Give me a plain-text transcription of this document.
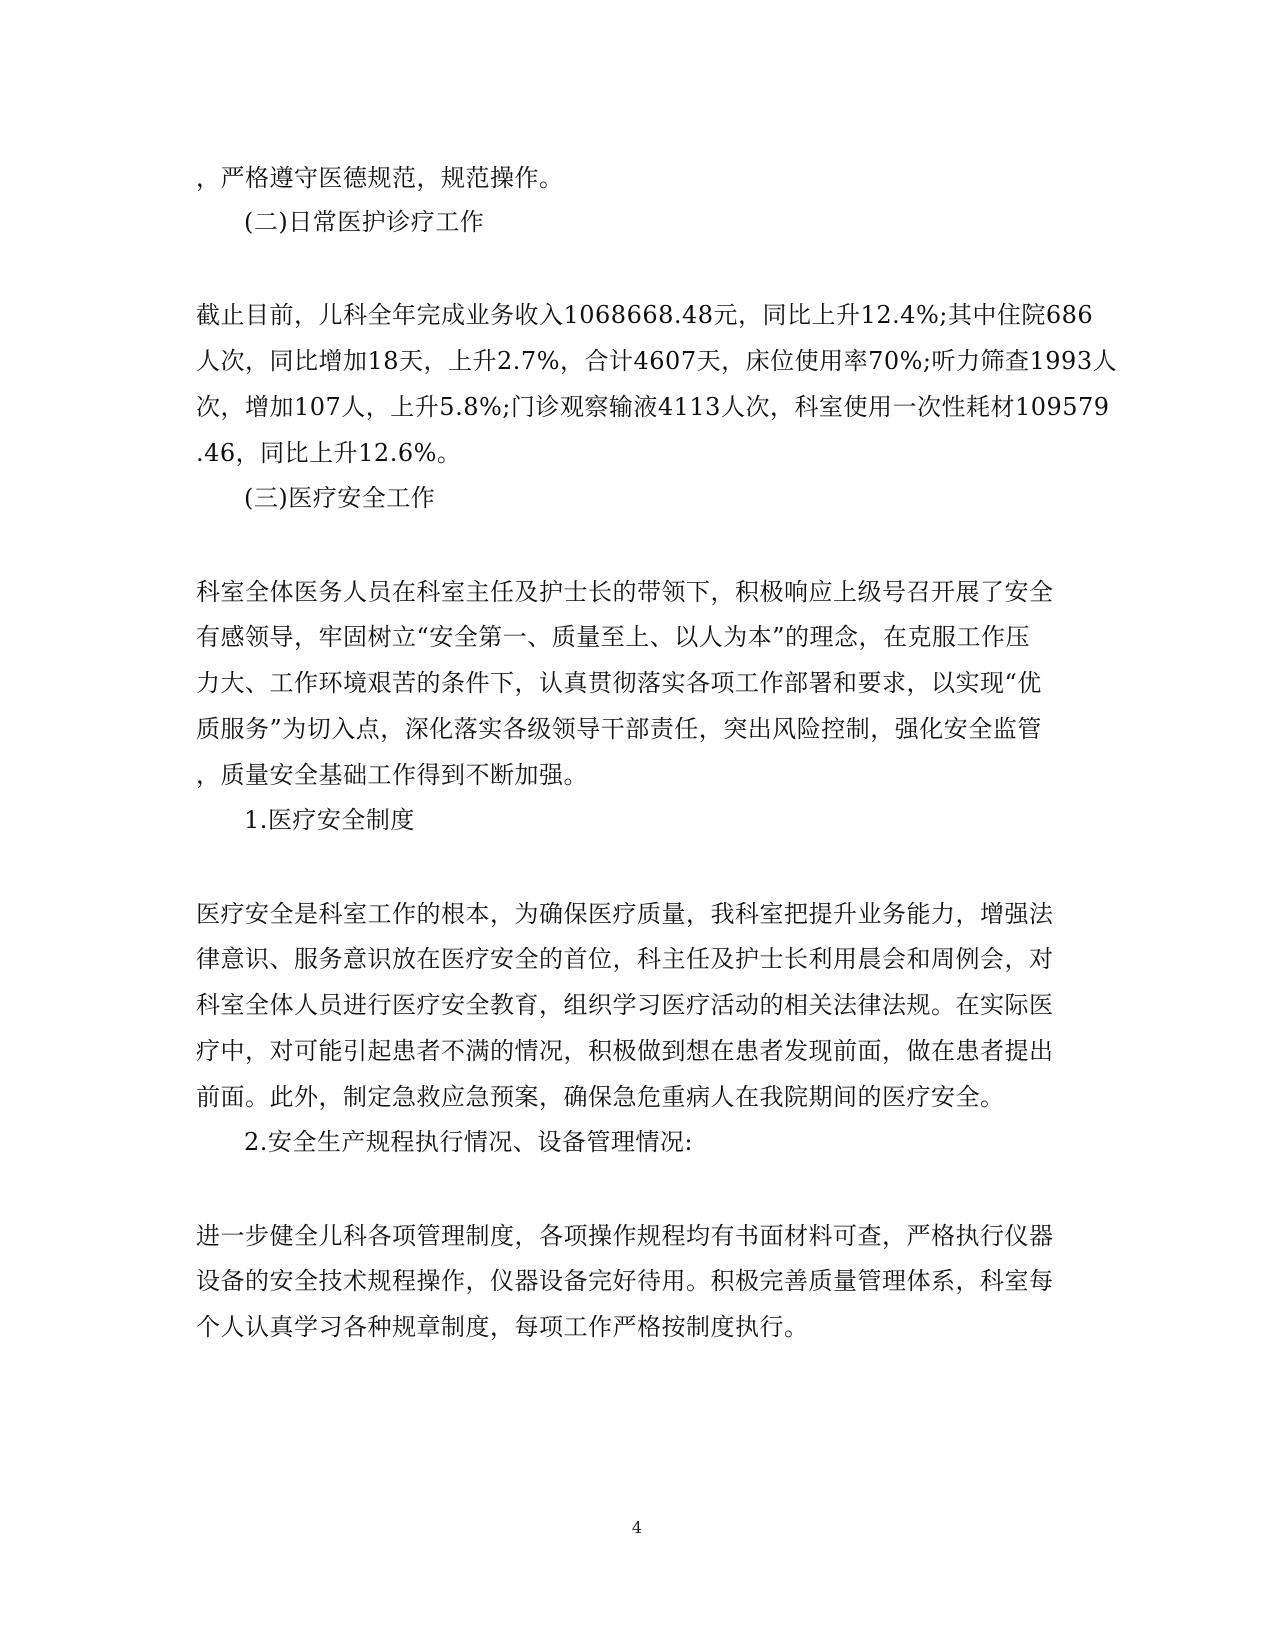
，严格遵守医德规范，规范操作。
(二)日常医护诊疗工作
截止目前，儿科全年完成业务收入1068668.48元，同比上升12.4%;其中住院686
人次，同比增加18天，上升2.7%，合计4607天，床位使用率70%;听力筛查1993人
次，增加107人，上升5.8%;门诊观察输液4113人次，科室使用一次性耗材109579
.46，同比上升12.6%。
(三)医疗安全工作
科室全体医务人员在科室主任及护士长的带领下，积极响应上级号召开展了安全
有感领导，牢固树立“安全第一、质量至上、以人为本”的理念，在克服工作压
力大、工作环境艰苦的条件下，认真贯彻落实各项工作部署和要求，以实现“优
质服务”为切入点，深化落实各级领导干部责任，突出风险控制，强化安全监管
，质量安全基础工作得到不断加强。
1.医疗安全制度
医疗安全是科室工作的根本，为确保医疗质量，我科室把提升业务能力，增强法
律意识、服务意识放在医疗安全的首位，科主任及护士长利用晨会和周例会，对
科室全体人员进行医疗安全教育，组织学习医疗活动的相关法律法规。在实际医
疗中，对可能引起患者不满的情况，积极做到想在患者发现前面，做在患者提出
前面。此外，制定急救应急预案，确保急危重病人在我院期间的医疗安全。
2.安全生产规程执行情况、设备管理情况:
进一步健全儿科各项管理制度，各项操作规程均有书面材料可查，严格执行仪器
设备的安全技术规程操作，仪器设备完好待用。积极完善质量管理体系，科室每
个人认真学习各种规章制度，每项工作严格按制度执行。
4
